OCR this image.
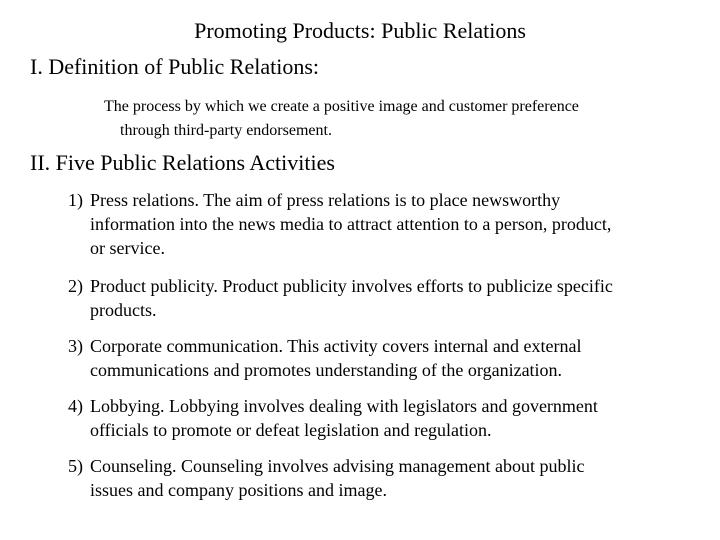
Promoting Products: Public Relations
I. Definition of Public Relations:
The process by which we create a positive image and customer preference
through third-party endorsement.
II. Five Public Relations Activities
1) Press relations. The aim of press relations is to place newsworthy
information into the news media to attract attention to a person, product,
or service.
2) Product publicity. Product publicity involves efforts to publicize specific
products.
3) Corporate communication. This activity covers internal and external
communications and promotes understanding of the organization.
4) Lobbying. Lobbying involves dealing with legislators and government
officials to promote or defeat legislation and regulation.
5) Counseling. Counseling involves advising management about public
issues and company positions and image.
